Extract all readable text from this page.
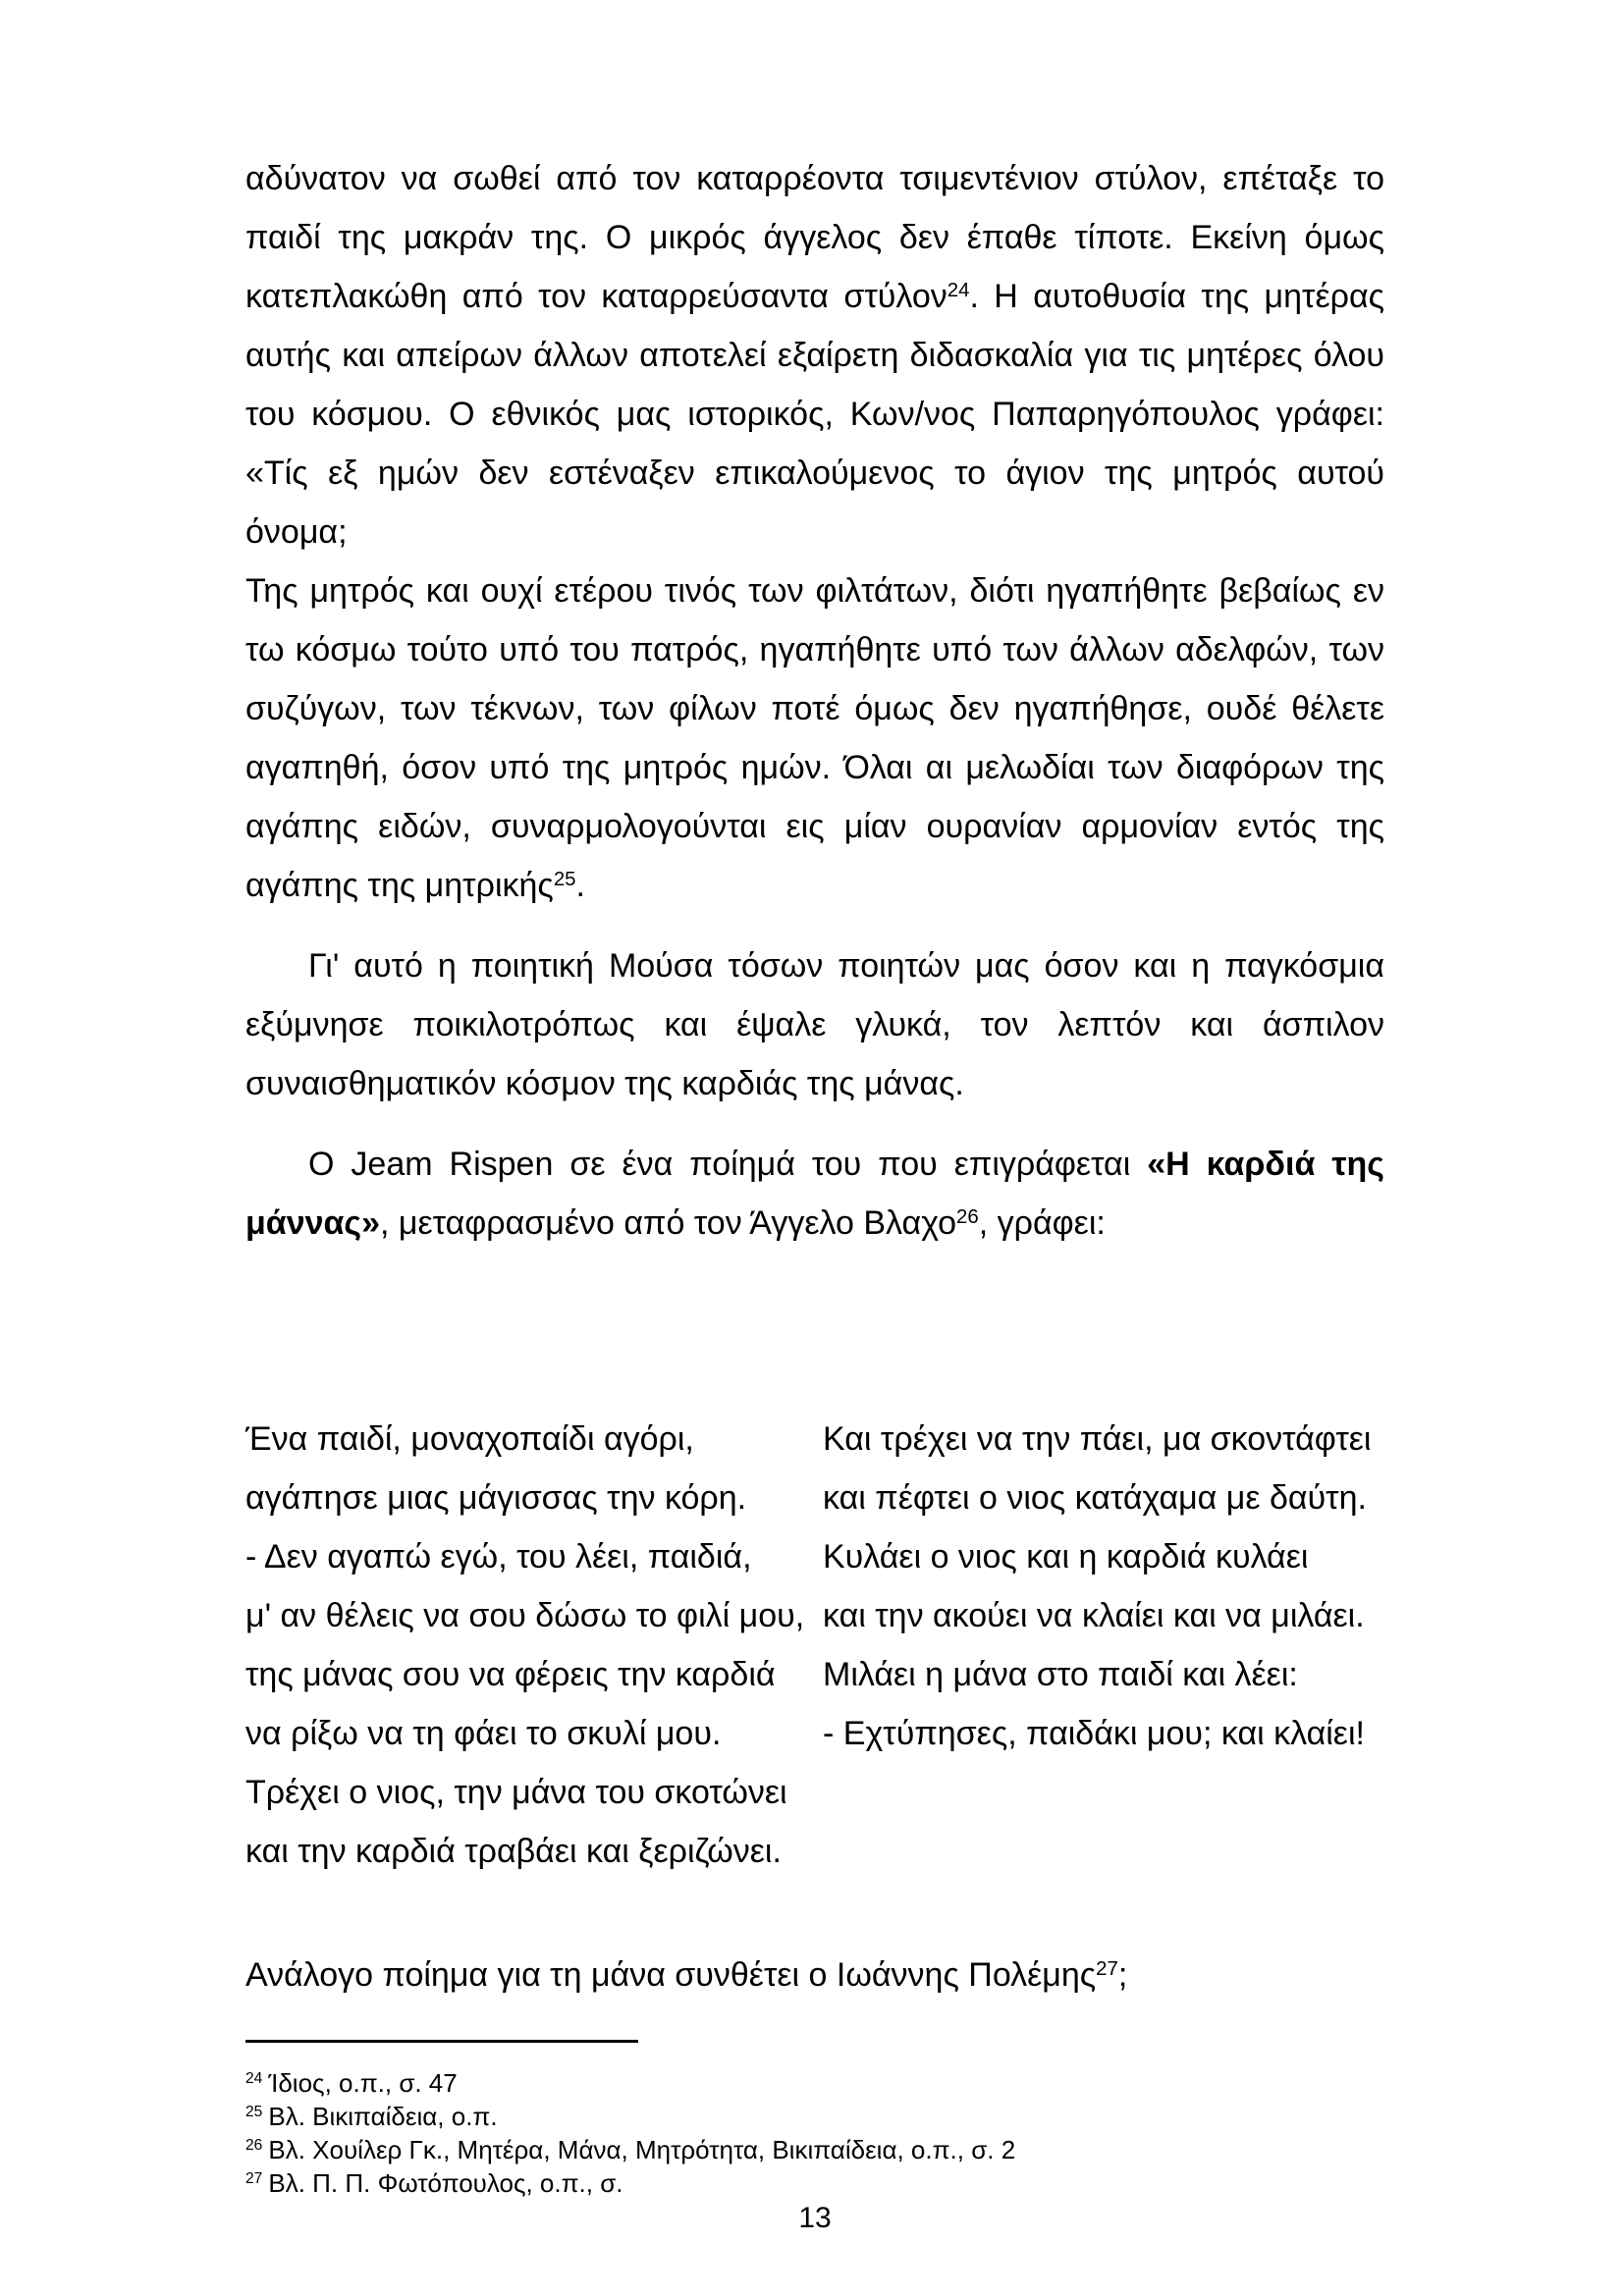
αδύνατον να σωθεί από τον καταρρέοντα τσιμεντένιον στύλον, επέταξε το
παιδί της μακράν της. Ο μικρός άγγελος δεν έπαθε τίποτε. Εκείνη όμως
κατεπλακώθη από τον καταρρεύσαντα στύλον$^{24}$. Η αυτοθυσία της μητέρας
αυτής και απείρων άλλων αποτελεί εξαίρετη διδασκαλία για τις μητέρες όλου
του κόσμου. Ο εθνικός μας ιστορικός, Κων/νος Παπαρηγόπουλος γράφει:
«Τίς εξ ημών δεν εστέναξεν επικαλούμενος το άγιον της μητρός αυτού όνομα;
Της μητρός και ουχί ετέρου τινός των φιλτάτων, διότι ηγαπήθητε βεβαίως εν
τω κόσμω τούτο υπό του πατρός, ηγαπήθητε υπό των άλλων αδελφών, των
συζύγων, των τέκνων, των φίλων ποτέ όμως δεν ηγαπήθησε, ουδέ θέλετε
αγαπηθή, όσον υπό της μητρός ημών. Όλαι αι μελωδίαι των διαφόρων της
αγάπης ειδών, συναρμολογούνται εις μίαν ουρανίαν αρμονίαν εντός της
αγάπης της μητρικής$^{25}$.
Γι' αυτό η ποιητική Μούσα τόσων ποιητών μας όσον και η παγκόσμια
εξύμνησε ποικιλοτρόπως και έψαλε γλυκά, τον λεπτόν και άσπιλον
συναισθηματικόν κόσμον της καρδιάς της μάνας.
Ο Jeam Rispen σε ένα ποίημά του που επιγράφεται «Η καρδιά της
μάννας», μεταφρασμένο από τον Άγγελο Βλαχο$^{26}$, γράφει:
Ένα παιδί, μοναχοπαίδι αγόρι,
αγάπησε μιας μάγισσας την κόρη.
- Δεν αγαπώ εγώ, του λέει, παιδιά,
μ' αν θέλεις να σου δώσω το φιλί μου,
της μάνας σου να φέρεις την καρδιά
να ρίξω να τη φάει το σκυλί μου.
Τρέχει ο νιος, την μάνα του σκοτώνει
και την καρδιά τραβάει και ξεριζώνει.
Και τρέχει να την πάει, μα σκοντάφτει
και πέφτει ο νιος κατάχαμα με δαύτη.
Κυλάει ο νιος και η καρδιά κυλάει
και την ακούει να κλαίει και να μιλάει.
Μιλάει η μάνα στο παιδί και λέει:
- Εχτύπησες, παιδάκι μου; και κλαίει!
Ανάλογο ποίημα για τη μάνα συνθέτει ο Ιωάννης Πολέμης$^{27}$;
$^{24}$ Ίδιος, ο.π., σ. 47
$^{25}$ Βλ. Βικιπαίδεια, ο.π.
$^{26}$ Βλ. Χουίλερ Γκ., Μητέρα, Μάνα, Μητρότητα, Βικιπαίδεια, ο.π., σ. 2
$^{27}$ Βλ. Π. Π. Φωτόπουλος, ο.π., σ.
13
